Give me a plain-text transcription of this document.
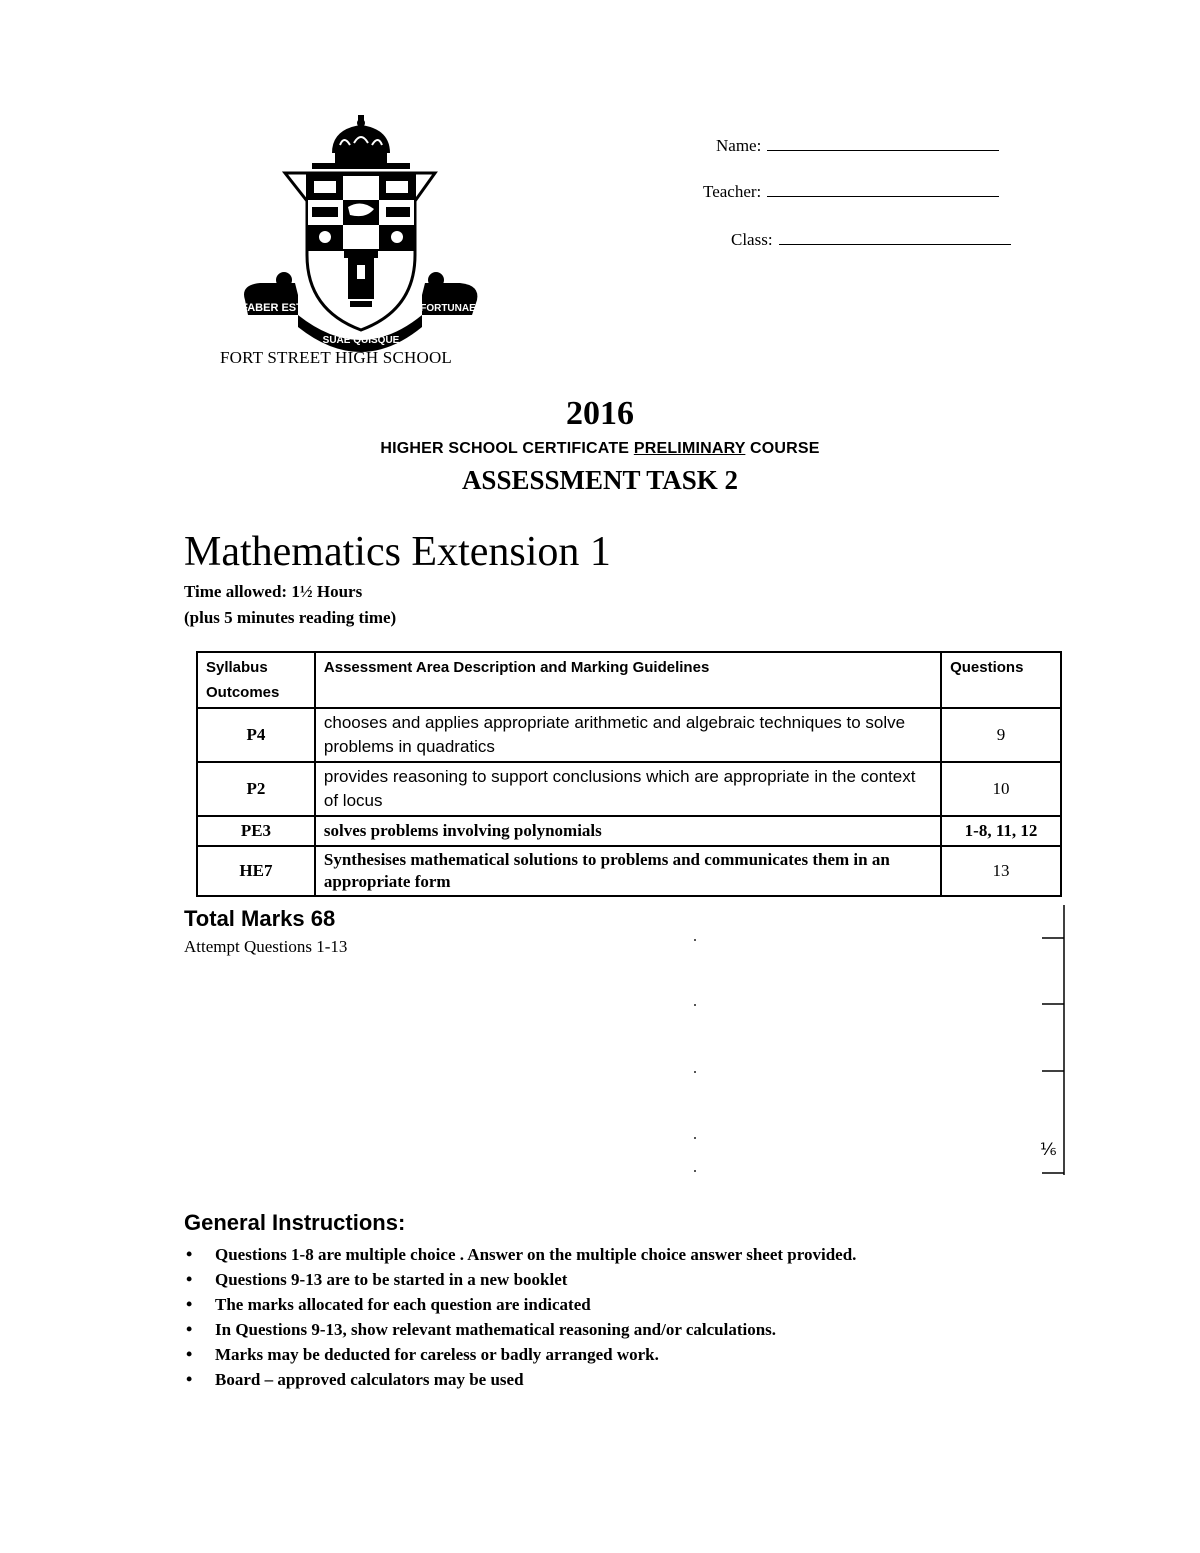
FABER EST	FORTUNAE
SUAE QUISQUE
FORT STREET HIGH SCHOOL
Name:
Teacher:
Class:
2016
HIGHER SCHOOL CERTIFICATE PRELIMINARY COURSE
ASSESSMENT TASK 2
Mathematics Extension 1
Time allowed: 1½ Hours
(plus 5 minutes reading time)
Syllabus Outcomes	Assessment Area Description and Marking Guidelines	Questions
P4	chooses and applies appropriate arithmetic and algebraic techniques to solve problems in quadratics	9
P2	provides reasoning to support conclusions which are appropriate in the context of locus	10
PE3	solves problems involving polynomials	1-8, 11, 12
HE7	Synthesises mathematical solutions to problems and communicates them in an appropriate form	13
Total Marks 68
Attempt Questions 1-13
⅙
General Instructions:
• Questions 1-8 are multiple choice . Answer on the multiple choice answer sheet provided.
• Questions 9-13 are to be started in a new booklet
• The marks allocated for each question are indicated
• In Questions 9-13, show relevant mathematical reasoning and/or calculations.
• Marks may be deducted for careless or badly arranged work.
• Board – approved calculators may be used
